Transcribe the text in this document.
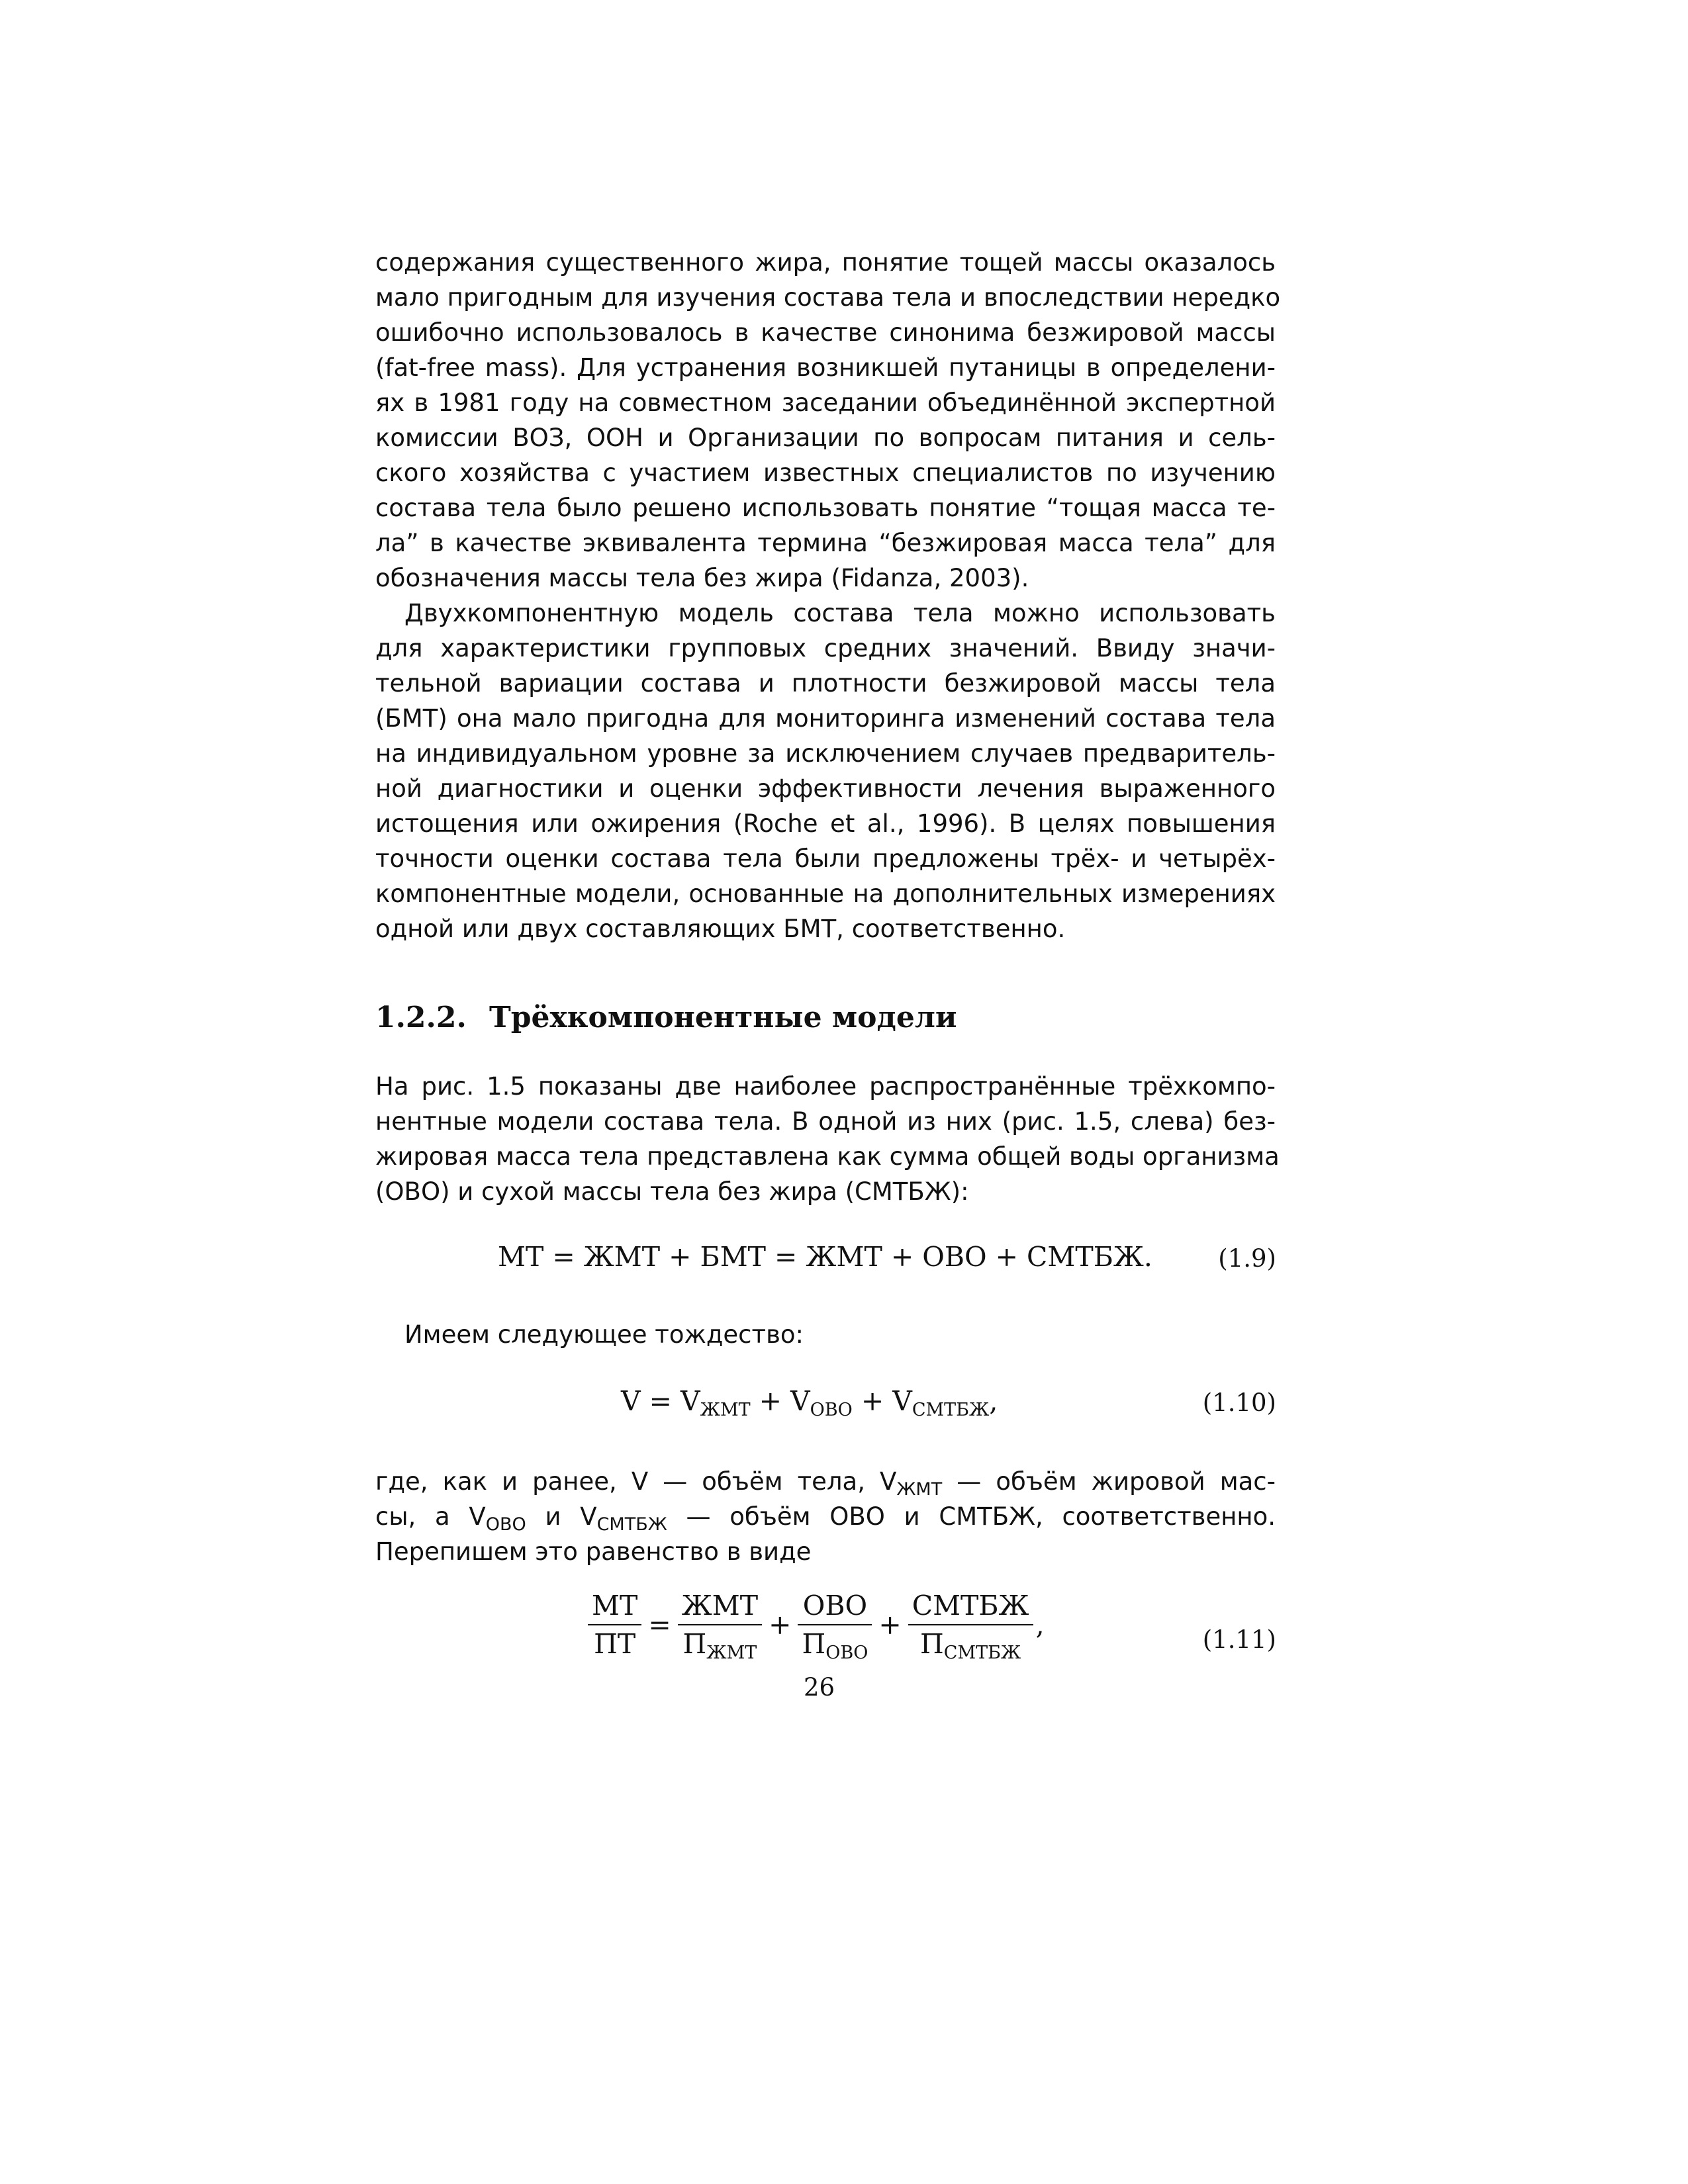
содержания существенного жира, понятие тощей массы оказалось
мало пригодным для изучения состава тела и впоследствии нередко
ошибочно использовалось в качестве синонима безжировой массы
(fat-free mass). Для устранения возникшей путаницы в определени-
ях в 1981 году на совместном заседании объединённой экспертной
комиссии ВОЗ, ООН и Организации по вопросам питания и сель-
ского хозяйства с участием известных специалистов по изучению
состава тела было решено использовать понятие “тощая масса те-
ла” в качестве эквивалента термина “безжировая масса тела” для
обозначения массы тела без жира (Fidanza, 2003).
Двухкомпонентную модель состава тела можно использовать
для характеристики групповых средних значений. Ввиду значи-
тельной вариации состава и плотности безжировой массы тела
(БМТ) она мало пригодна для мониторинга изменений состава тела
на индивидуальном уровне за исключением случаев предваритель-
ной диагностики и оценки эффективности лечения выраженного
истощения или ожирения (Roche et al., 1996). В целях повышения
точности оценки состава тела были предложены трёх- и четырёх-
компонентные модели, основанные на дополнительных измерениях
одной или двух составляющих БМТ, соответственно.
1.2.2. Трёхкомпонентные модели
На рис. 1.5 показаны две наиболее распространённые трёхкомпо-
нентные модели состава тела. В одной из них (рис. 1.5, слева) без-
жировая масса тела представлена как сумма общей воды организма
(ОВО) и сухой массы тела без жира (СМТБЖ):
МТ = ЖМТ + БМТ = ЖМТ + ОВО + СМТБЖ.	(1.9)
Имеем следующее тождество:
$V = V_{ЖМТ} + V_{ОВО} + V_{СМТБЖ}$,	(1.10)
где, как и ранее, V — объём тела, $V_{ЖМТ}$ — объём жировой мас-
сы, а $V_{ОВО}$ и $V_{СМТБЖ}$ — объём ОВО и СМТБЖ, соответственно.
Перепишем это равенство в виде
$\frac{МТ}{ПТ} = \frac{\text{ЖМТ}}{П_{ЖМТ}} + \frac{\text{ОВО}}{П_{ОВО}} + \frac{\text{СМТБЖ}}{П_{СМТБЖ}}$ ,	(1.11)
26
